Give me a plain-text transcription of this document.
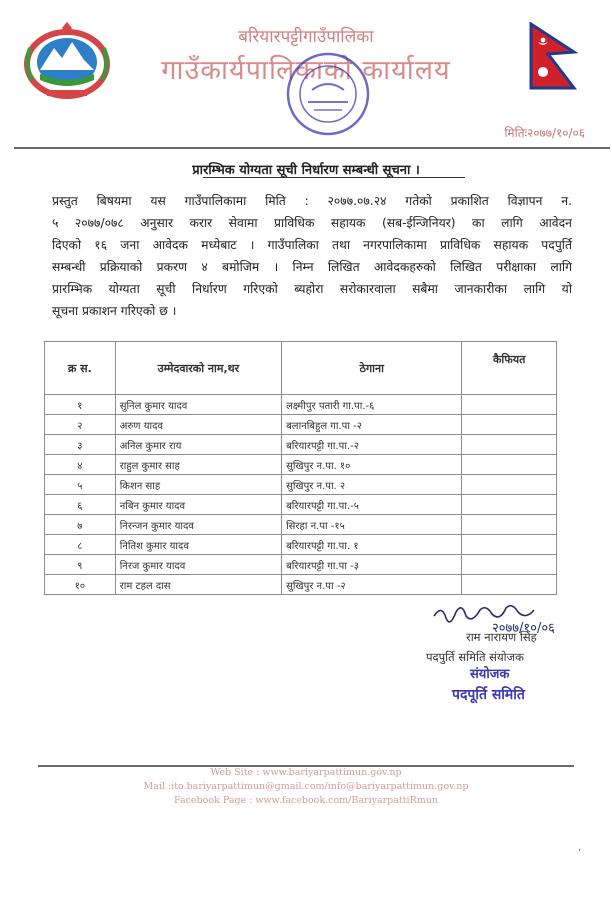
बरियारपट्टीगाउँपालिका
गाउँकार्यपालिकाको कार्यालय
मितिः२०७७/१०/०६
प्रारम्भिक योग्यता सूची निर्धारण सम्बन्धी सूचना ।
प्रस्तुत बिषयमा यस गाउँपालिकामा मिति : २०७७.०७.२४ गतेको प्रकाशित विज्ञापन न.
५ २०७७/०७८ अनुसार करार सेवामा प्राविधिक सहायक (सब-ईन्जिनियर) का लागि आवेदन
दिएको १६ जना आवेदक मध्येबाट । गाउँपालिका तथा नगरपालिकामा प्राविधिक सहायक पदपुर्ति
सम्बन्धी प्रक्रियाको प्रकरण ४ बमोजिम । निम्न लिखित आवेदकहरुको लिखित परीक्षाका लागि
प्रारम्भिक योग्यता सूची निर्धारण गरिएको ब्यहोरा सरोकारवाला सबैमा जानकारीका लागि यो
सूचना प्रकाशन गरिएको छ ।
क्र स.	उम्मेदवारको नाम,थर	ठेगाना	कैफियत
१	सुनिल कुमार यादव	लक्ष्मीपुर पतारी गा.पा.-६	
२	अरुण यादव	बलानबिहुल गा.पा -२	
३	अनिल कुमार राय	बरियारपट्टी गा.पा.-२	
४	राहुल कुमार साह	सुखिपुर न.पा. १०	
५	किशन साह	सुखिपुर न.पा. २	
६	नबिन कुमार यादव	बरियारपट्टी गा.पा.-५	
७	निरन्जन कुमार यादव	सिरहा न.पा -१५	
८	नितिश कुमार यादव	बरियारपट्टी गा.पा. १	
९	निरज कुमार यादव	बरियारपट्टी गा.पा -३	
१०	राम टहल दास	सुखिपुर न.पा -२	
२०७७/१०/०६
राम नारायण सिंह
पदपुर्ति समिति संयोजक
संयोजक
पदपूर्ति समिति
Web Site : www.bariyarpattimun.gov.np
Mail :ito.bariyarpattimun@gmail.com/info@bariyarpattimun.gov.np
Facebook Page : www.facebook.com/BariyarpattiRmun
ʼ
